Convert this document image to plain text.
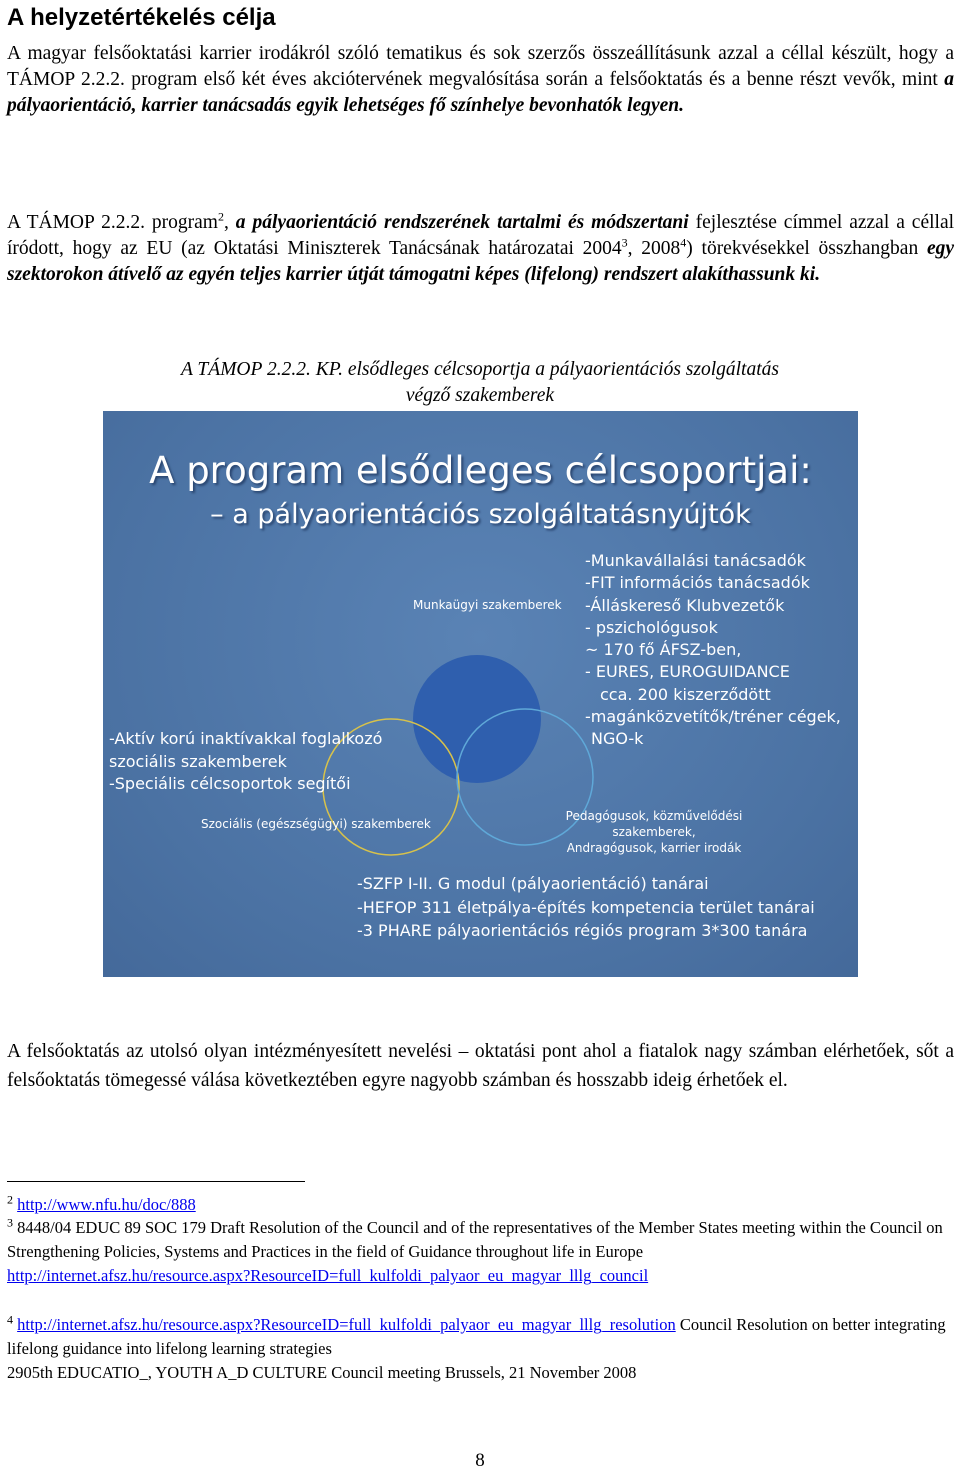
A helyzetértékelés célja
A magyar felsőoktatási karrier irodákról szóló tematikus és sok szerzős összeállításunk azzal a céllal készült, hogy a TÁMOP 2.2.2. program első két éves akciótervének megvalósítása során a felsőoktatás és a benne részt vevők, mint a pályaorientáció, karrier tanácsadás egyik lehetséges fő színhelye bevonhatók legyen.
A TÁMOP 2.2.2. program$^2$, a pályaorientáció rendszerének tartalmi és módszertani fejlesztése címmel azzal a céllal íródott, hogy az EU (az Oktatási Miniszterek Tanácsának határozatai 2004$^3$, 2008$^4$) törekvésekkel összhangban egy szektorokon átívelő az egyén teljes karrier útját támogatni képes (lifelong) rendszert alakíthassunk ki.
A TÁMOP 2.2.2. KP. elsődleges célcsoportja a pályaorientációs szolgáltatás végző szakemberek
A program elsődleges célcsoportjai:
– a pályaorientációs szolgáltatásnyújtók
Munkaügyi szakemberek
Szociális (egészségügyi) szakemberek
Pedagógusok, közművelődési szakemberek,
Andragógusok, karrier irodák
-Munkavállalási tanácsadók
-FIT információs tanácsadók
-Álláskereső Klubvezetők
- pszichológusok
~ 170 fő ÁFSZ-ben,
- EURES, EUROGUIDANCE
cca. 200 kiszerződött
-magánközvetítők/tréner cégek,
NGO-k
-Aktív korú inaktívakkal foglalkozó
szociális szakemberek
-Speciális célcsoportok segítői
-SZFP I-II. G modul (pályaorientáció) tanárai
-HEFOP 311 életpálya-építés kompetencia terület tanárai
-3 PHARE pályaorientációs régiós program 3*300 tanára
A felsőoktatás az utolsó olyan intézményesített nevelési – oktatási pont ahol a fiatalok nagy számban elérhetőek, sőt a felsőoktatás tömegessé válása következtében egyre nagyobb számban és hosszabb ideig érhetőek el.
$^2$ http://www.nfu.hu/doc/888
$^3$ 8448/04 EDUC 89 SOC 179 Draft Resolution of the Council and of the representatives of the Member States meeting within the Council on Strengthening Policies, Systems and Practices in the field of Guidance throughout life in Europe
http://internet.afsz.hu/resource.aspx?ResourceID=full_kulfoldi_palyaor_eu_magyar_lllg_council
$^4$ http://internet.afsz.hu/resource.aspx?ResourceID=full_kulfoldi_palyaor_eu_magyar_lllg_resolution Council Resolution on better integrating lifelong guidance into lifelong learning strategies
2905th EDUCATIO_, YOUTH A_D CULTURE Council meeting Brussels, 21 November 2008
8
